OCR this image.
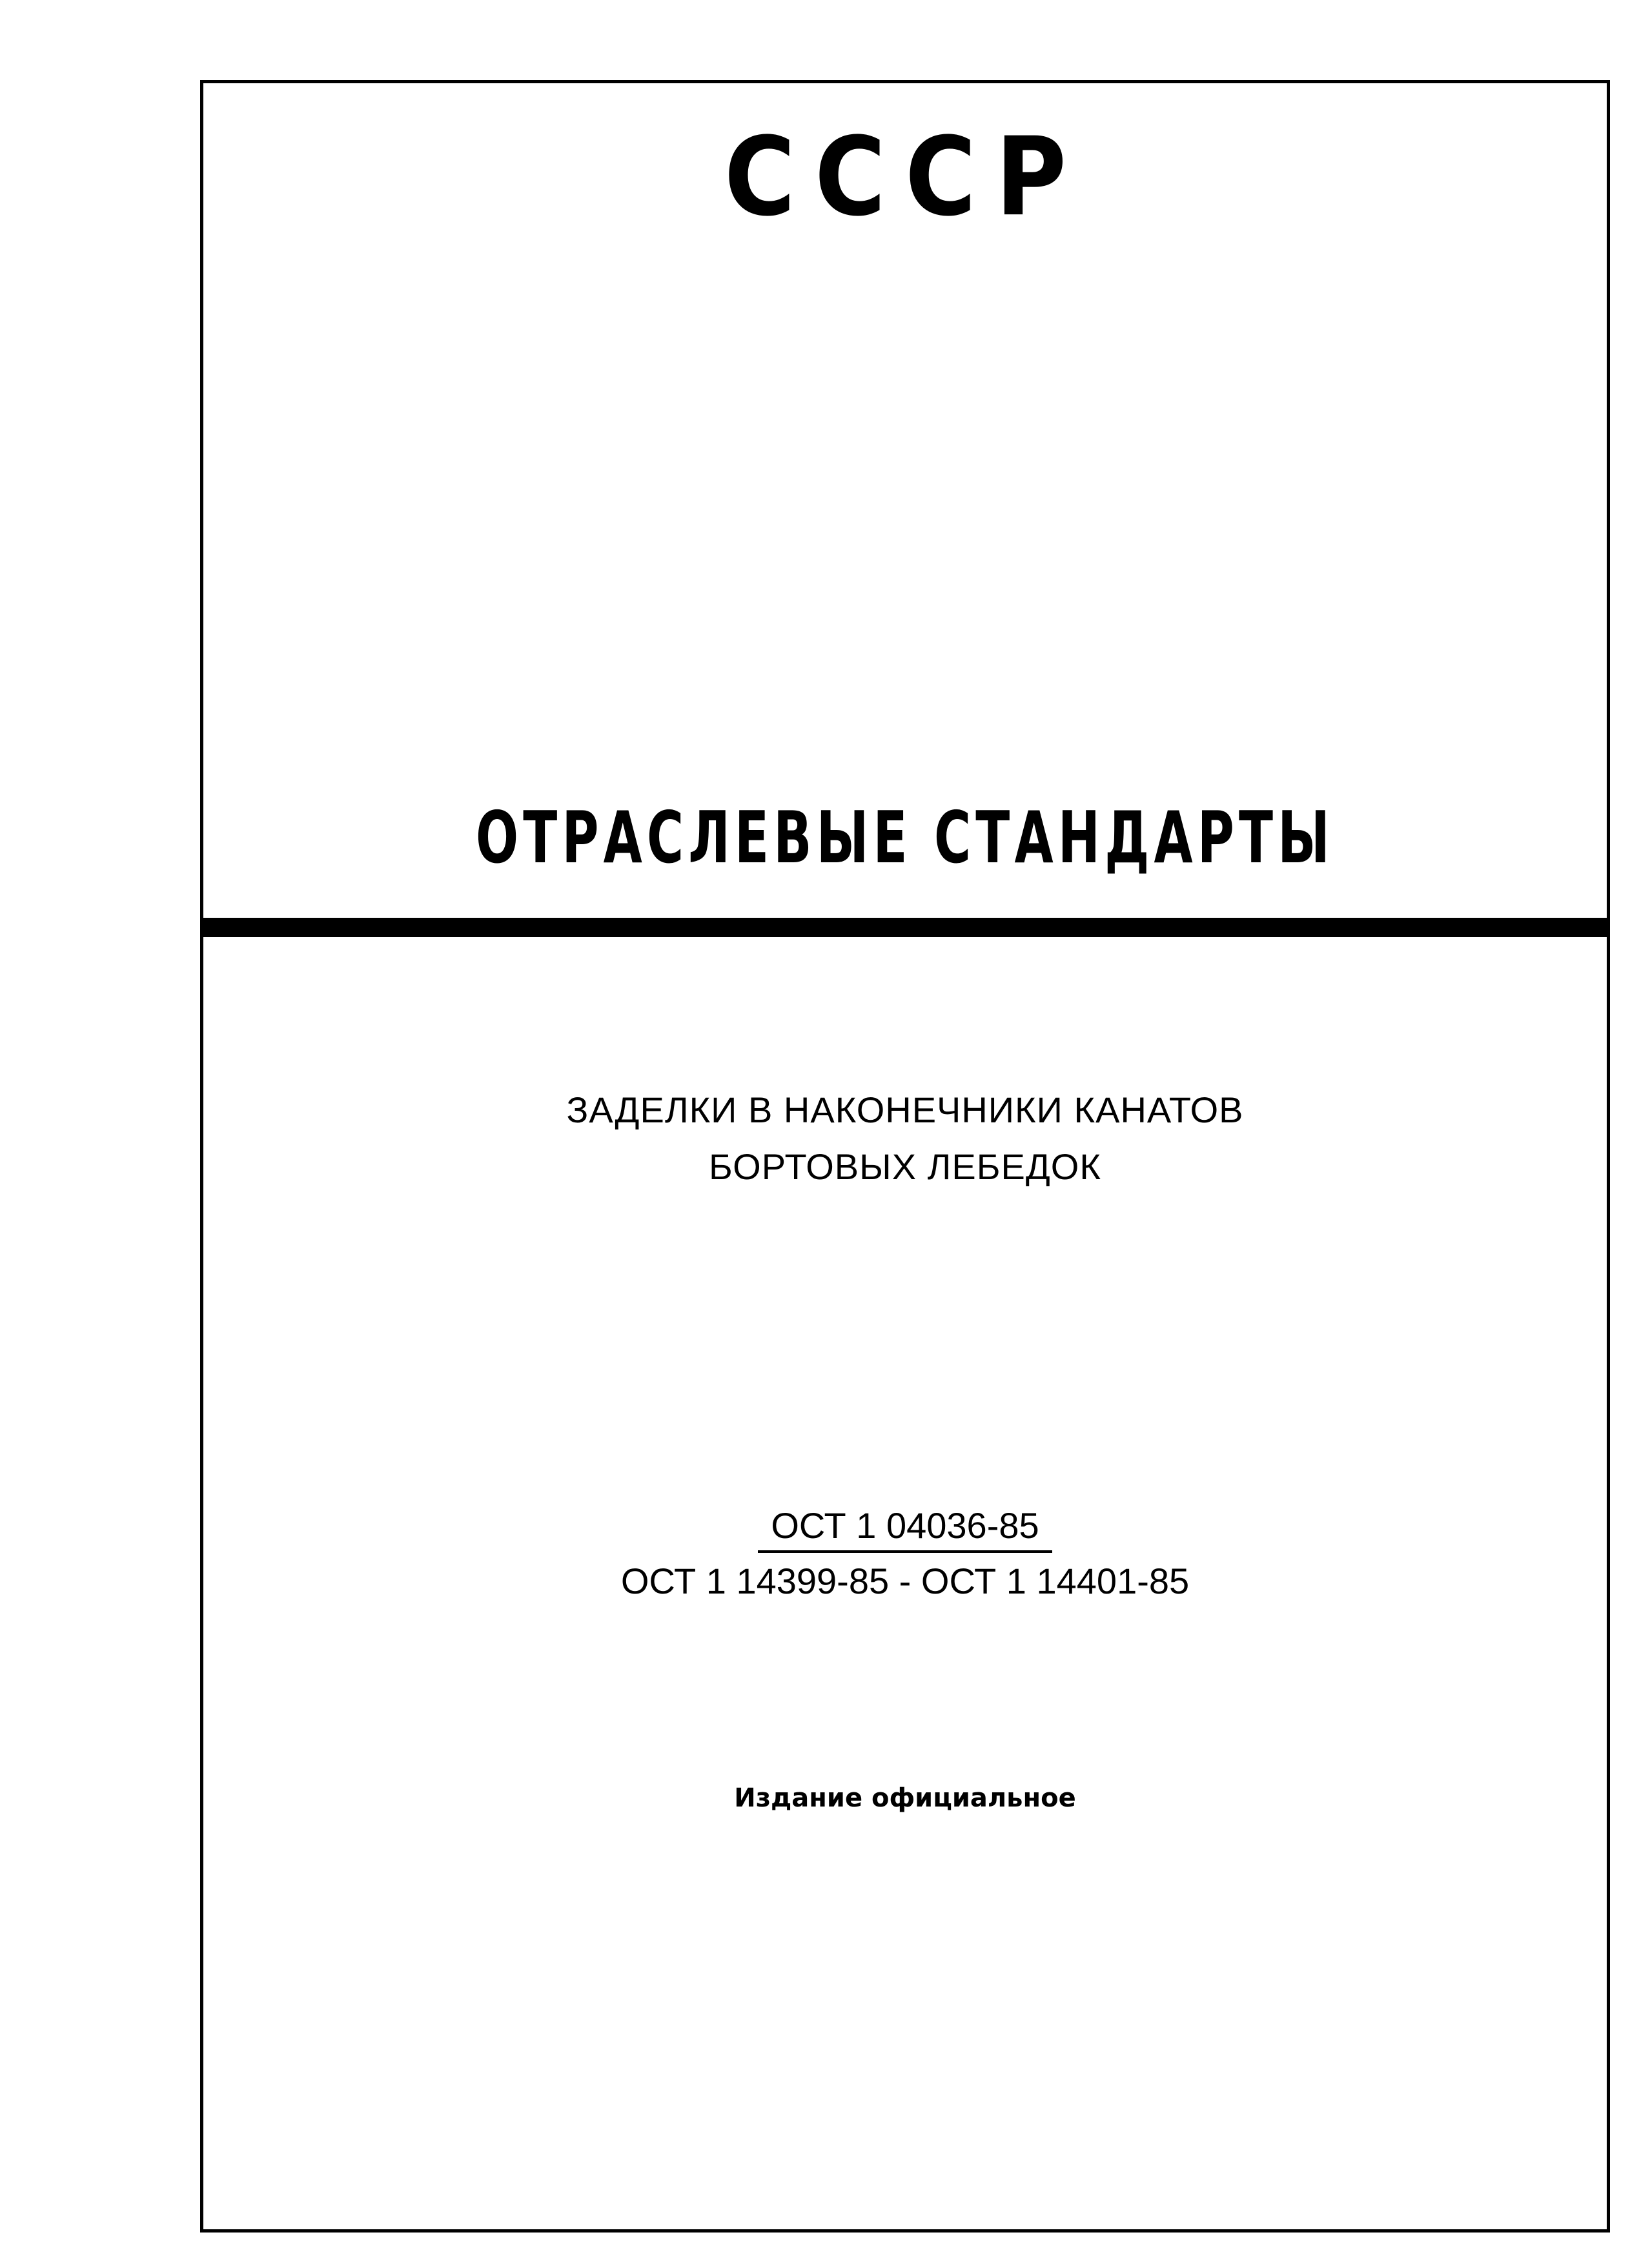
СССР
ОТРАСЛЕВЫЕ СТАНДАРТЫ
ЗАДЕЛКИ В НАКОНЕЧНИКИ КАНАТОВ
БОРТОВЫХ ЛЕБЕДОК
ОСТ 1 04036-85
ОСТ 1 14399-85 - ОСТ 1 14401-85
Издание официальное
